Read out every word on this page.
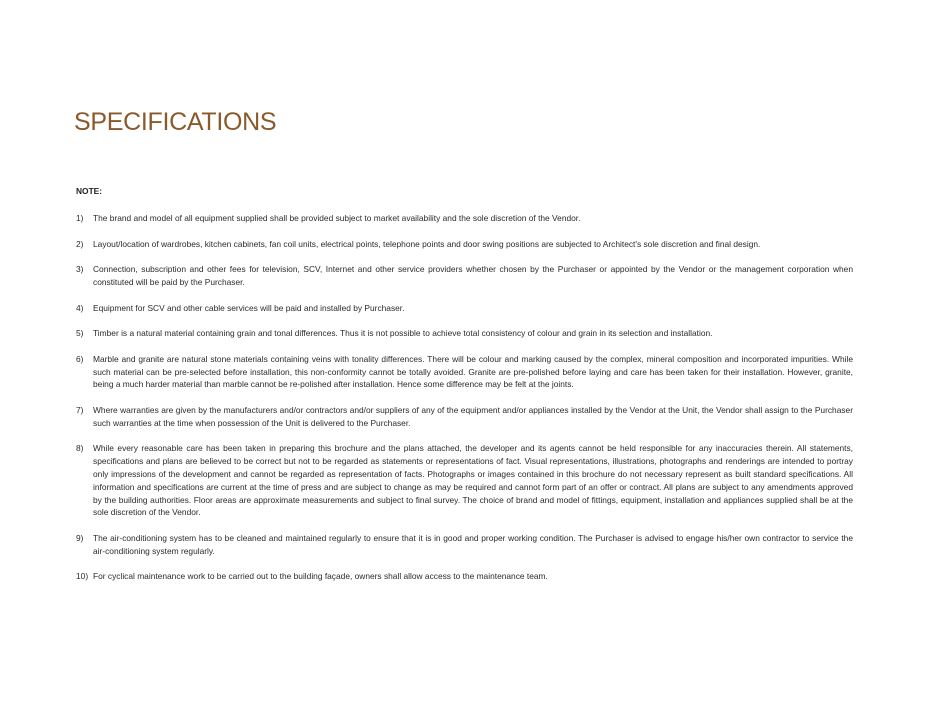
SPECIFICATIONS
NOTE:
1)	The brand and model of all equipment supplied shall be provided subject to market availability and the sole discretion of the Vendor.
2)	Layout/location of wardrobes, kitchen cabinets, fan coil units, electrical points, telephone points and door swing positions are subjected to Architect's sole discretion and final design.
3)	Connection, subscription and other fees for television, SCV, Internet and other service providers whether chosen by the Purchaser or appointed by the Vendor or the management corporation when constituted will be paid by the Purchaser.
4)	Equipment for SCV and other cable services will be paid and installed by Purchaser.
5)	Timber is a natural material containing grain and tonal differences. Thus it is not possible to achieve total consistency of colour and grain in its selection and installation.
6)	Marble and granite are natural stone materials containing veins with tonality differences. There will be colour and marking caused by the complex, mineral composition and incorporated impurities. While such material can be pre-selected before installation, this non-conformity cannot be totally avoided. Granite are pre-polished before laying and care has been taken for their installation. However, granite, being a much harder material than marble cannot be re-polished after installation. Hence some difference may be felt at the joints.
7)	Where warranties are given by the manufacturers and/or contractors and/or suppliers of any of the equipment and/or appliances installed by the Vendor at the Unit, the Vendor shall assign to the Purchaser such warranties at the time when possession of the Unit is delivered to the Purchaser.
8)	While every reasonable care has been taken in preparing this brochure and the plans attached, the developer and its agents cannot be held responsible for any inaccuracies therein. All statements, specifications and plans are believed to be correct but not to be regarded as statements or representations of fact. Visual representations, illustrations, photographs and renderings are intended to portray only impressions of the development and cannot be regarded as representation of facts. Photographs or images contained in this brochure do not necessary represent as built standard specifications. All information and specifications are current at the time of press and are subject to change as may be required and cannot form part of an offer or contract. All plans are subject to any amendments approved by the building authorities. Floor areas are approximate measurements and subject to final survey. The choice of brand and model of fittings, equipment, installation and appliances supplied shall be at the sole discretion of the Vendor.
9)	The air-conditioning system has to be cleaned and maintained regularly to ensure that it is in good and proper working condition. The Purchaser is advised to engage his/her own contractor to service the air-conditioning system regularly.
10) For cyclical maintenance work to be carried out to the building façade, owners shall allow access to the maintenance team.
